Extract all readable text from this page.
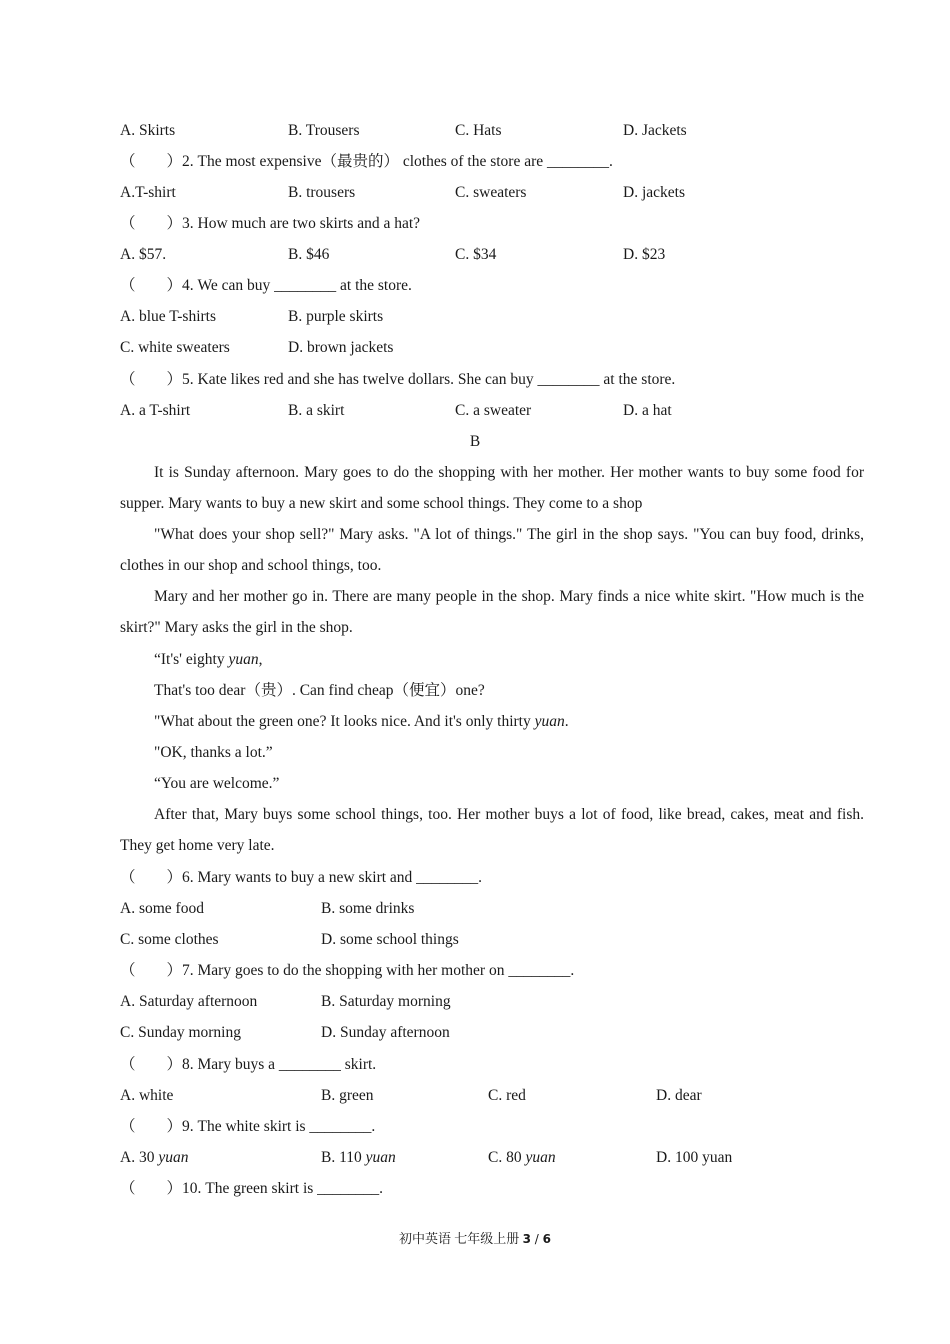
A. Skirts	B. Trousers	C. Hats	D. Jackets
（　　）2. The most expensive（最贵的） clothes of the store are ________.
A.T-shirt	B. trousers	C. sweaters	D. jackets
（　　）3. How much are two skirts and a hat?
A. $57.	B. $46	C. $34	D. $23
（　　）4. We can buy ________ at the store.
A. blue T-shirts	B. purple skirts
C. white sweaters	D. brown jackets
（　　）5. Kate likes red and she has twelve dollars. She can buy ________ at the store.
A. a T-shirt	B. a skirt	C. a sweater	D. a hat
B
It is Sunday afternoon. Mary goes to do the shopping with her mother. Her mother wants to buy some food for supper. Mary wants to buy a new skirt and some school things. They come to a shop
"What does your shop sell?" Mary asks. "A lot of things." The girl in the shop says. "You can buy food, drinks, clothes in our shop and school things, too.
Mary and her mother go in. There are many people in the shop. Mary finds a nice white skirt. "How much is the skirt?" Mary asks the girl in the shop.
“It's' eighty yuan,
That's too dear（贵）. Can find cheap（便宜）one?
"What about the green one? It looks nice. And it's only thirty yuan.
"OK, thanks a lot.”
“You are welcome.”
After that, Mary buys some school things, too. Her mother buys a lot of food, like bread, cakes, meat and fish. They get home very late.
（　　）6. Mary wants to buy a new skirt and ________.
A. some food	B. some drinks
C. some clothes	D. some school things
（　　）7. Mary goes to do the shopping with her mother on ________.
A. Saturday afternoon	B. Saturday morning
C. Sunday morning	D. Sunday afternoon
（　　）8. Mary buys a ________ skirt.
A. white	B. green	C. red	D. dear
（　　）9. The white skirt is ________.
A. 30 yuan	B. 110 yuan	C. 80 yuan	D. 100 yuan
（　　）10. The green skirt is ________.
初中英语 七年级上册 3 / 6
